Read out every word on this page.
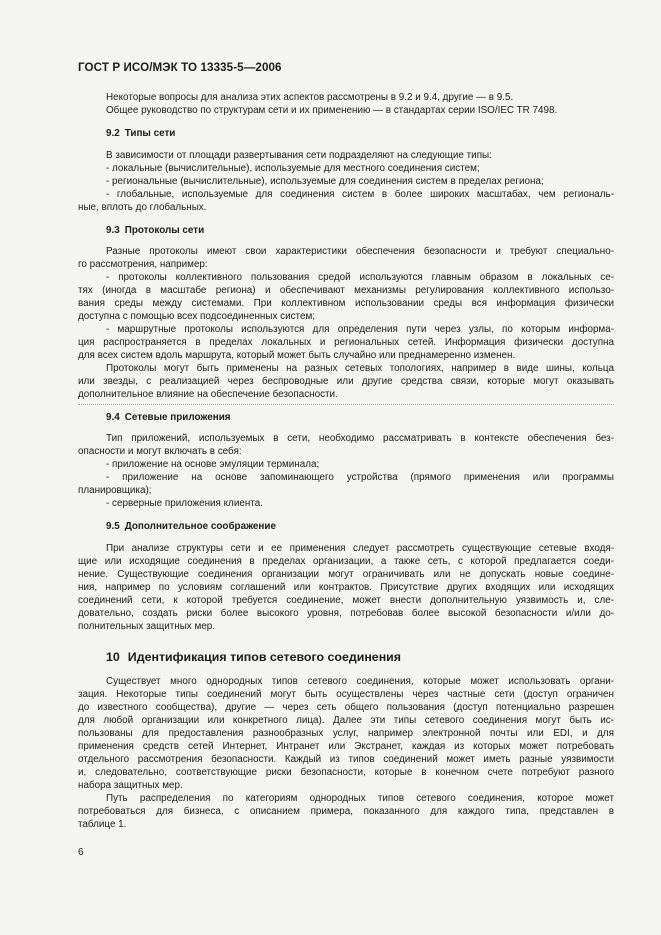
ГОСТ Р ИСО/МЭК ТО 13335-5—2006
Некоторые вопросы для анализа этих аспектов рассмотрены в 9.2 и 9.4, другие — в 9.5.
Общее руководство по структурам сети и их применению — в стандартах серии ISO/IEC TR 7498.
9.2 Типы сети
В зависимости от площади развертывания сети подразделяют на следующие типы:
- локальные (вычислительные), используемые для местного соединения систем;
- региональные (вычислительные), используемые для соединения систем в пределах региона;
- глобальные, используемые для соединения систем в более широких масштабах, чем региональ-
ные, вплоть до глобальных.
9.3 Протоколы сети
Разные протоколы имеют свои характеристики обеспечения безопасности и требуют специально-
го рассмотрения, например:
- протоколы коллективного пользования средой используются главным образом в локальных се-
тях (иногда в масштабе региона) и обеспечивают механизмы регулирования коллективного использо-
вания среды между системами. При коллективном использовании среды вся информация физически
доступна с помощью всех подсоединенных систем;
- маршрутные протоколы используются для определения пути через узлы, по которым информа-
ция распространяется в пределах локальных и региональных сетей. Информация физически доступна
для всех систем вдоль маршрута, который может быть случайно или преднамеренно изменен.
Протоколы могут быть применены на разных сетевых топологиях, например в виде шины, кольца
или звезды, с реализацией через беспроводные или другие средства связи, которые могут оказывать
дополнительное влияние на обеспечение безопасности.
9.4 Сетевые приложения
Тип приложений, используемых в сети, необходимо рассматривать в контексте обеспечения без-
опасности и могут включать в себя:
- приложение на основе эмуляции терминала;
- приложение на основе запоминающего устройства (прямого применения или программы
планировщика);
- серверные приложения клиента.
9.5 Дополнительное соображение
При анализе структуры сети и ее применения следует рассмотреть существующие сетевые входя-
щие или исходящие соединения в пределах организации, а также сеть, с которой предлагается соеди-
нение. Существующие соединения организации могут ограничивать или не допускать новые соедине-
ния, например по условиям соглашений или контрактов. Присутствие других входящих или исходящих
соединений сети, к которой требуется соединение, может внести дополнительную уязвимость и, сле-
довательно, создать риски более высокого уровня, потребовав более высокой безопасности и/или до-
полнительных защитных мер.
10 Идентификация типов сетевого соединения
Существует много однородных типов сетевого соединения, которые может использовать органи-
зация. Некоторые типы соединений могут быть осуществлены через частные сети (доступ ограничен
до известного сообщества), другие — через сеть общего пользования (доступ потенциально разрешен
для любой организации или конкретного лица). Далее эти типы сетевого соединения могут быть ис-
пользованы для предоставления разнообразных услуг, например электронной почты или EDI, и для
применения средств сетей Интернет, Интранет или Экстранет, каждая из которых может потребовать
отдельного рассмотрения безопасности. Каждый из типов соединений может иметь разные уязвимости
и, следовательно, соответствующие риски безопасности, которые в конечном счете потребуют разного
набора защитных мер.
Путь распределения по категориям однородных типов сетевого соединения, которое может
потребоваться для бизнеса, с описанием примера, показанного для каждого типа, представлен в
таблице 1.
6
